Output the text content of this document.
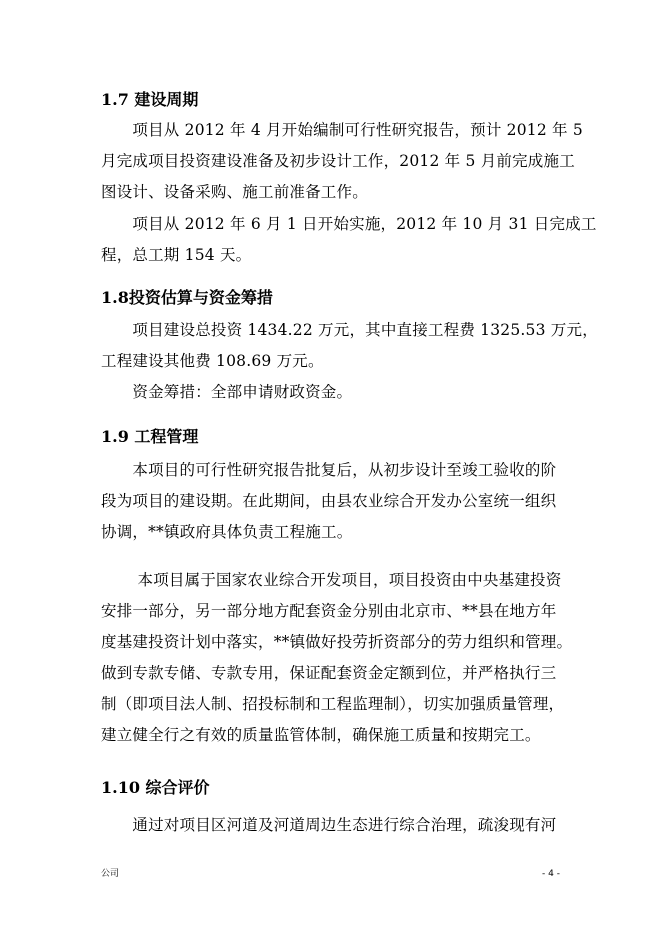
1.7 建设周期
　　项目从 2012 年 4 月开始编制可行性研究报告，预计 2012 年 5
月完成项目投资建设准备及初步设计工作，2012 年 5 月前完成施工
图设计、设备采购、施工前准备工作。
　　项目从 2012 年 6 月 1 日开始实施，2012 年 10 月 31 日完成工
程，总工期 154 天。
1.8投资估算与资金筹措
　　项目建设总投资 1434.22 万元，其中直接工程费 1325.53 万元，
工程建设其他费 108.69 万元。
　　资金筹措：全部申请财政资金。
1.9 工程管理
　　本项目的可行性研究报告批复后，从初步设计至竣工验收的阶
段为项目的建设期。在此期间，由县农业综合开发办公室统一组织
协调，**镇政府具体负责工程施工。
　　 本项目属于国家农业综合开发项目，项目投资由中央基建投资
安排一部分，另一部分地方配套资金分别由北京市、**县在地方年
度基建投资计划中落实，**镇做好投劳折资部分的劳力组织和管理。
做到专款专储、专款专用，保证配套资金定额到位，并严格执行三
制（即项目法人制、招投标制和工程监理制），切实加强质量管理，
建立健全行之有效的质量监管体制，确保施工质量和按期完工。
1.10 综合评价
　　通过对项目区河道及河道周边生态进行综合治理，疏浚现有河
公司	- 4 -
